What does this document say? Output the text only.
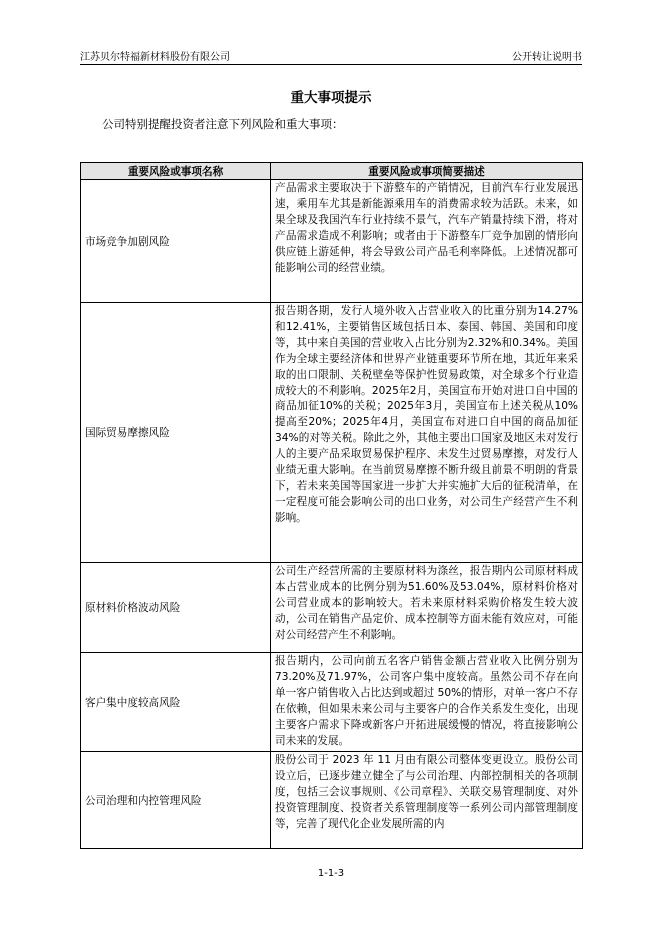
江苏贝尔特福新材料股份有限公司	公开转让说明书
重大事项提示
公司特别提醒投资者注意下列风险和重大事项：
重要风险或事项名称	重要风险或事项简要描述
市场竞争加剧风险	产品需求主要取决于下游整车的产销情况，目前汽车行业发展迅速，乘用车尤其是新能源乘用车的消费需求较为活跃。未来，如果全球及我国汽车行业持续不景气，汽车产销量持续下滑，将对产品需求造成不利影响；或者由于下游整车厂竞争加剧的情形向供应链上游延伸，将会导致公司产品毛利率降低。上述情况都可能影响公司的经营业绩。
国际贸易摩擦风险	报告期各期，发行人境外收入占营业收入的比重分别为14.27%和12.41%，主要销售区域包括日本、泰国、韩国、美国和印度等，其中来自美国的营业收入占比分别为2.32%和0.34%。美国作为全球主要经济体和世界产业链重要环节所在地，其近年来采取的出口限制、关税壁垒等保护性贸易政策，对全球多个行业造成较大的不利影响。2025年2月，美国宣布开始对进口自中国的商品加征10%的关税；2025年3月，美国宣布上述关税从10%提高至20%；2025年4月，美国宣布对进口自中国的商品加征34%的对等关税。除此之外，其他主要出口国家及地区未对发行人的主要产品采取贸易保护程序、未发生过贸易摩擦，对发行人业绩无重大影响。在当前贸易摩擦不断升级且前景不明朗的背景下，若未来美国等国家进一步扩大并实施扩大后的征税清单，在一定程度可能会影响公司的出口业务，对公司生产经营产生不利影响。
原材料价格波动风险	公司生产经营所需的主要原材料为涤丝，报告期内公司原材料成本占营业成本的比例分别为51.60%及53.04%，原材料价格对公司营业成本的影响较大。若未来原材料采购价格发生较大波动，公司在销售产品定价、成本控制等方面未能有效应对，可能对公司经营产生不利影响。
客户集中度较高风险	报告期内，公司向前五名客户销售金额占营业收入比例分别为73.20%及71.97%，公司客户集中度较高。虽然公司不存在向单一客户销售收入占比达到或超过 50%的情形，对单一客户不存在依赖，但如果未来公司与主要客户的合作关系发生变化，出现主要客户需求下降或新客户开拓进展缓慢的情况，将直接影响公司未来的发展。
公司治理和内控管理风险	股份公司于 2023 年 11 月由有限公司整体变更设立。股份公司设立后，已逐步建立健全了与公司治理、内部控制相关的各项制度，包括三会议事规则、《公司章程》、关联交易管理制度、对外投资管理制度、投资者关系管理制度等一系列公司内部管理制度等，完善了现代化企业发展所需的内
1-1-3
